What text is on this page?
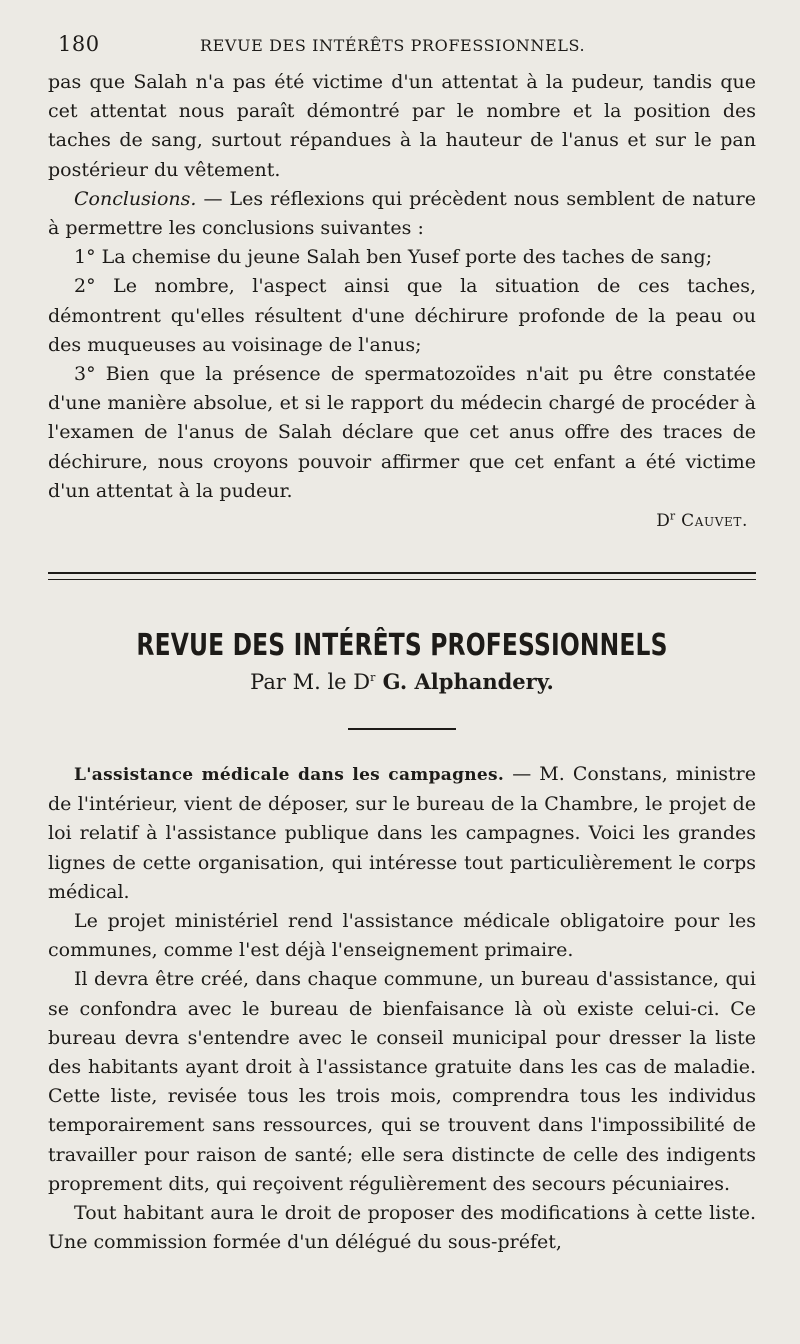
180	REVUE DES INTÉRÊTS PROFESSIONNELS.

pas que Salah n'a pas été victime d'un attentat à la pudeur, tandis que cet attentat nous paraît démontré par le nombre et la position des taches de sang, surtout répandues à la hauteur de l'anus et sur le pan postérieur du vêtement.

Conclusions. — Les réflexions qui précèdent nous semblent de nature à permettre les conclusions suivantes :

1° La chemise du jeune Salah ben Yusef porte des taches de sang;

2° Le nombre, l'aspect ainsi que la situation de ces taches, démontrent qu'elles résultent d'une déchirure profonde de la peau ou des muqueuses au voisinage de l'anus;

3° Bien que la présence de spermatozoïdes n'ait pu être constatée d'une manière absolue, et si le rapport du médecin chargé de procéder à l'examen de l'anus de Salah déclare que cet anus offre des traces de déchirure, nous croyons pouvoir affirmer que cet enfant a été victime d'un attentat à la pudeur.

$D^r$ Cauvet.
REVUE DES INTÉRÊTS PROFESSIONNELS
Par M. le $D^r$ G. Alphandery.

L'assistance médicale dans les campagnes. — M. Constans, ministre de l'intérieur, vient de déposer, sur le bureau de la Chambre, le projet de loi relatif à l'assistance publique dans les campagnes. Voici les grandes lignes de cette organisation, qui intéresse tout particulièrement le corps médical.

Le projet ministériel rend l'assistance médicale obligatoire pour les communes, comme l'est déjà l'enseignement primaire.

Il devra être créé, dans chaque commune, un bureau d'assistance, qui se confondra avec le bureau de bienfaisance là où existe celui-ci. Ce bureau devra s'entendre avec le conseil municipal pour dresser la liste des habitants ayant droit à l'assistance gratuite dans les cas de maladie. Cette liste, revisée tous les trois mois, comprendra tous les individus temporairement sans ressources, qui se trouvent dans l'impossibilité de travailler pour raison de santé; elle sera distincte de celle des indigents proprement dits, qui reçoivent régulièrement des secours pécuniaires.

Tout habitant aura le droit de proposer des modifications à cette liste. Une commission formée d'un délégué du sous-préfet,
